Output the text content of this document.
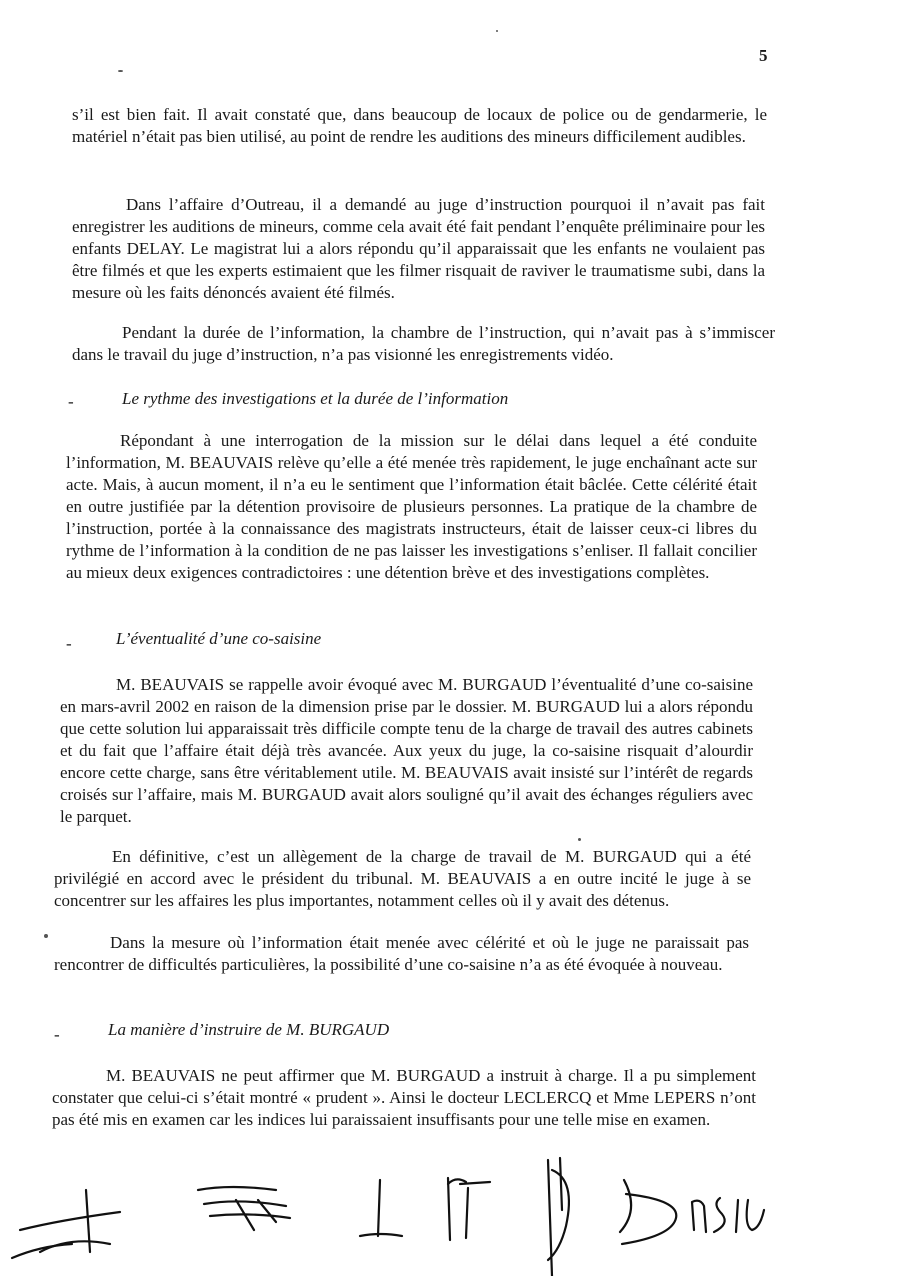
5
s’il est bien fait. Il avait constaté que, dans beaucoup de locaux de police ou de gendarmerie, le matériel n’était pas bien utilisé, au point de rendre les auditions des mineurs difficilement audibles.
Dans l’affaire d’Outreau, il a demandé au juge d’instruction pourquoi il n’avait pas fait enregistrer les auditions de mineurs, comme cela avait été fait pendant l’enquête préliminaire pour les enfants DELAY. Le magistrat lui a alors répondu qu’il apparaissait que les enfants ne voulaient pas être filmés et que les experts estimaient que les filmer risquait de raviver le traumatisme subi, dans la mesure où les faits dénoncés avaient été filmés.
Pendant la durée de l’information, la chambre de l’instruction, qui n’avait pas à s’immiscer dans le travail du juge d’instruction, n’a pas visionné les enregistrements vidéo.
-	Le rythme des investigations et la durée de l’information
Répondant à une interrogation de la mission sur le délai dans lequel a été conduite l’information, M. BEAUVAIS relève qu’elle a été menée très rapidement, le juge enchaînant acte sur acte. Mais, à aucun moment, il n’a eu le sentiment que l’information était bâclée. Cette célérité était en outre justifiée par la détention provisoire de plusieurs personnes. La pratique de la chambre de l’instruction, portée à la connaissance des magistrats instructeurs, était de laisser ceux-ci libres du rythme de l’information à la condition de ne pas laisser les investigations s’enliser. Il fallait concilier au mieux deux exigences contradictoires : une détention brève et des investigations complètes.
-	L’éventualité d’une co-saisine
M. BEAUVAIS se rappelle avoir évoqué avec M. BURGAUD l’éventualité d’une co-saisine en mars-avril 2002 en raison de la dimension prise par le dossier. M. BURGAUD lui a alors répondu que cette solution lui apparaissait très difficile compte tenu de la charge de travail des autres cabinets et du fait que l’affaire était déjà très avancée. Aux yeux du juge, la co-saisine risquait d’alourdir encore cette charge, sans être véritablement utile. M. BEAUVAIS avait insisté sur l’intérêt de regards croisés sur l’affaire, mais M. BURGAUD avait alors souligné qu’il avait des échanges réguliers avec le parquet.
En définitive, c’est un allègement de la charge de travail de M. BURGAUD qui a été privilégié en accord avec le président du tribunal. M. BEAUVAIS a en outre incité le juge à se concentrer sur les affaires les plus importantes, notamment celles où il y avait des détenus.
Dans la mesure où l’information était menée avec célérité et où le juge ne paraissait pas rencontrer de difficultés particulières, la possibilité d’une co-saisine n’a as été évoquée à nouveau.
-	La manière d’instruire de M. BURGAUD
M. BEAUVAIS ne peut affirmer que M. BURGAUD a instruit à charge. Il a pu simplement constater que celui-ci s’était montré « prudent ». Ainsi le docteur LECLERCQ et Mme LEPERS n’ont pas été mis en examen car les indices lui paraissaient insuffisants pour une telle mise en examen.
